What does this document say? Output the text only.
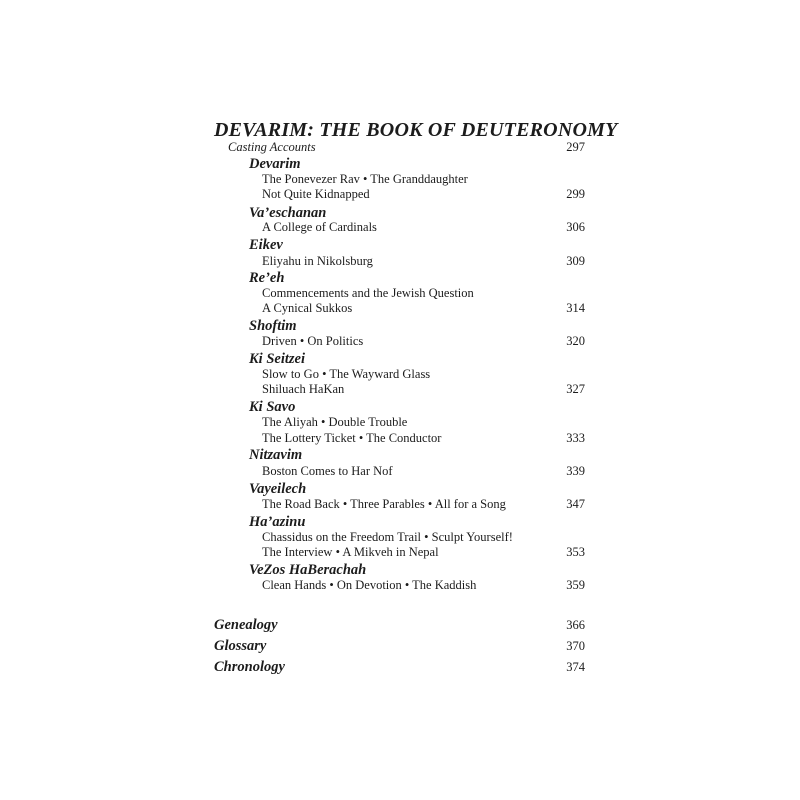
DEVARIM: THE BOOK OF DEUTERONOMY
Casting Accounts	297
Devarim
The Ponevezer Rav • The Granddaughter
Not Quite Kidnapped	299
Va’eschanan
A College of Cardinals	306
Eikev
Eliyahu in Nikolsburg	309
Re’eh
Commencements and the Jewish Question
A Cynical Sukkos	314
Shoftim
Driven • On Politics	320
Ki Seitzei
Slow to Go • The Wayward Glass
Shiluach HaKan	327
Ki Savo
The Aliyah • Double Trouble
The Lottery Ticket • The Conductor	333
Nitzavim
Boston Comes to Har Nof	339
Vayeilech
The Road Back • Three Parables • All for a Song	347
Ha’azinu
Chassidus on the Freedom Trail • Sculpt Yourself!
The Interview • A Mikveh in Nepal	353
VeZos HaBerachah
Clean Hands • On Devotion • The Kaddish	359
Genealogy	366
Glossary	370
Chronology	374
